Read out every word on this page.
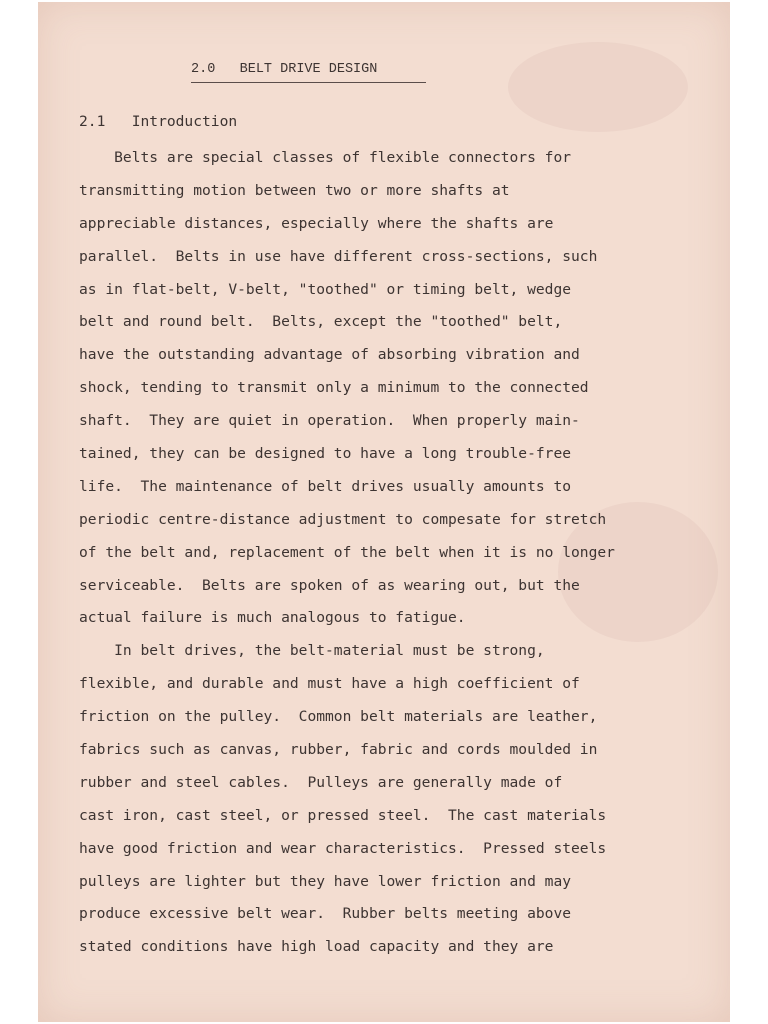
2.0 BELT DRIVE DESIGN
2.1 Introduction
Belts are special classes of flexible connectors for
transmitting motion between two or more shafts at
appreciable distances, especially where the shafts are
parallel.  Belts in use have different cross-sections, such
as in flat-belt, V-belt, "toothed" or timing belt, wedge
belt and round belt.  Belts, except the "toothed" belt,
have the outstanding advantage of absorbing vibration and
shock, tending to transmit only a minimum to the connected
shaft.  They are quiet in operation.  When properly main-
tained, they can be designed to have a long trouble-free
life.  The maintenance of belt drives usually amounts to
periodic centre-distance adjustment to compesate for stretch
of the belt and, replacement of the belt when it is no longer
serviceable.  Belts are spoken of as wearing out, but the
actual failure is much analogous to fatigue.
In belt drives, the belt-material must be strong,
flexible, and durable and must have a high coefficient of
friction on the pulley.  Common belt materials are leather,
fabrics such as canvas, rubber, fabric and cords moulded in
rubber and steel cables.  Pulleys are generally made of
cast iron, cast steel, or pressed steel.  The cast materials
have good friction and wear characteristics.  Pressed steels
pulleys are lighter but they have lower friction and may
produce excessive belt wear.  Rubber belts meeting above
stated conditions have high load capacity and they are
